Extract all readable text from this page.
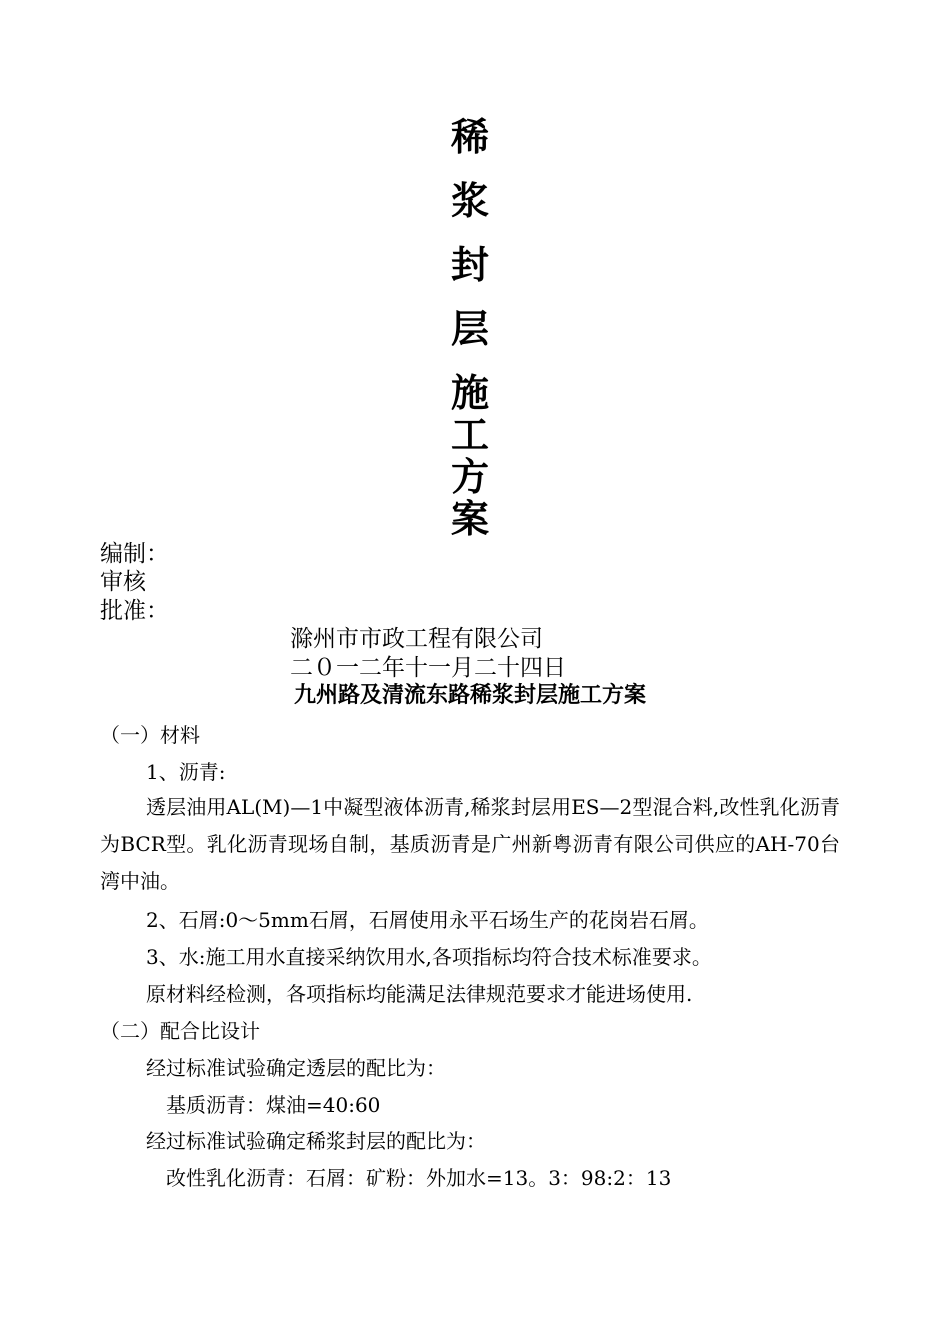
稀
浆
封
层
施
工
方
案
编制：
审核
批准：
滁州市市政工程有限公司
二０一二年十一月二十四日
九州路及清流东路稀浆封层施工方案
（一）材料
1、沥青:
透层油用AL(M)—1中凝型液体沥青,稀浆封层用ES—2型混合料,改性乳化沥青为BCR型。乳化沥青现场自制，基质沥青是广州新粤沥青有限公司供应的AH-70台湾中油。
2、石屑:0～5mm石屑，石屑使用永平石场生产的花岗岩石屑。
3、水:施工用水直接采纳饮用水,各项指标均符合技术标准要求。
原材料经检测，各项指标均能满足法律规范要求才能进场使用.
（二）配合比设计
经过标准试验确定透层的配比为：
基质沥青：煤油=40:60
经过标准试验确定稀浆封层的配比为：
改性乳化沥青：石屑：矿粉：外加水=13。3：98:2：13
